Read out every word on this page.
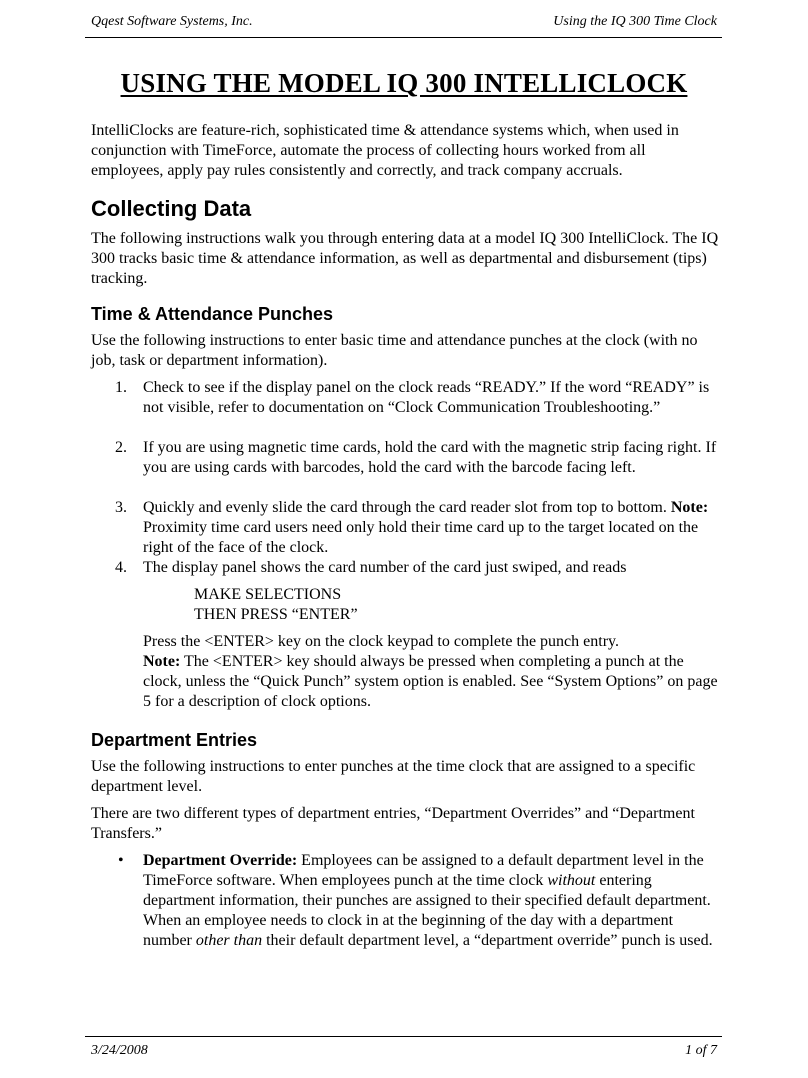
Qqest Software Systems, Inc.	Using the IQ 300 Time Clock
USING THE MODEL IQ 300 INTELLICLOCK

IntelliClocks are feature-rich, sophisticated time & attendance systems which, when used in conjunction with TimeForce, automate the process of collecting hours worked from all employees, apply pay rules consistently and correctly, and track company accruals.

Collecting Data

The following instructions walk you through entering data at a model IQ 300 IntelliClock. The IQ 300 tracks basic time & attendance information, as well as departmental and disbursement (tips) tracking.

Time & Attendance Punches

Use the following instructions to enter basic time and attendance punches at the clock (with no job, task or department information).

1.	Check to see if the display panel on the clock reads “READY.” If the word “READY” is not visible, refer to documentation on “Clock Communication Troubleshooting.”
2.	If you are using magnetic time cards, hold the card with the magnetic strip facing right. If you are using cards with barcodes, hold the card with the barcode facing left.
3.	Quickly and evenly slide the card through the card reader slot from top to bottom. Note: Proximity time card users need only hold their time card up to the target located on the right of the face of the clock.
4.	The display panel shows the card number of the card just swiped, and reads
MAKE SELECTIONS
THEN PRESS “ENTER”

Press the <ENTER> key on the clock keypad to complete the punch entry.
Note: The <ENTER> key should always be pressed when completing a punch at the clock, unless the “Quick Punch” system option is enabled. See “System Options” on page 5 for a description of clock options.

Department Entries

Use the following instructions to enter punches at the time clock that are assigned to a specific department level.

There are two different types of department entries, “Department Overrides” and “Department Transfers.”

• Department Override: Employees can be assigned to a default department level in the TimeForce software. When employees punch at the time clock without entering department information, their punches are assigned to their specified default department. When an employee needs to clock in at the beginning of the day with a department number other than their default department level, a “department override” punch is used.
3/24/2008	1 of 7
